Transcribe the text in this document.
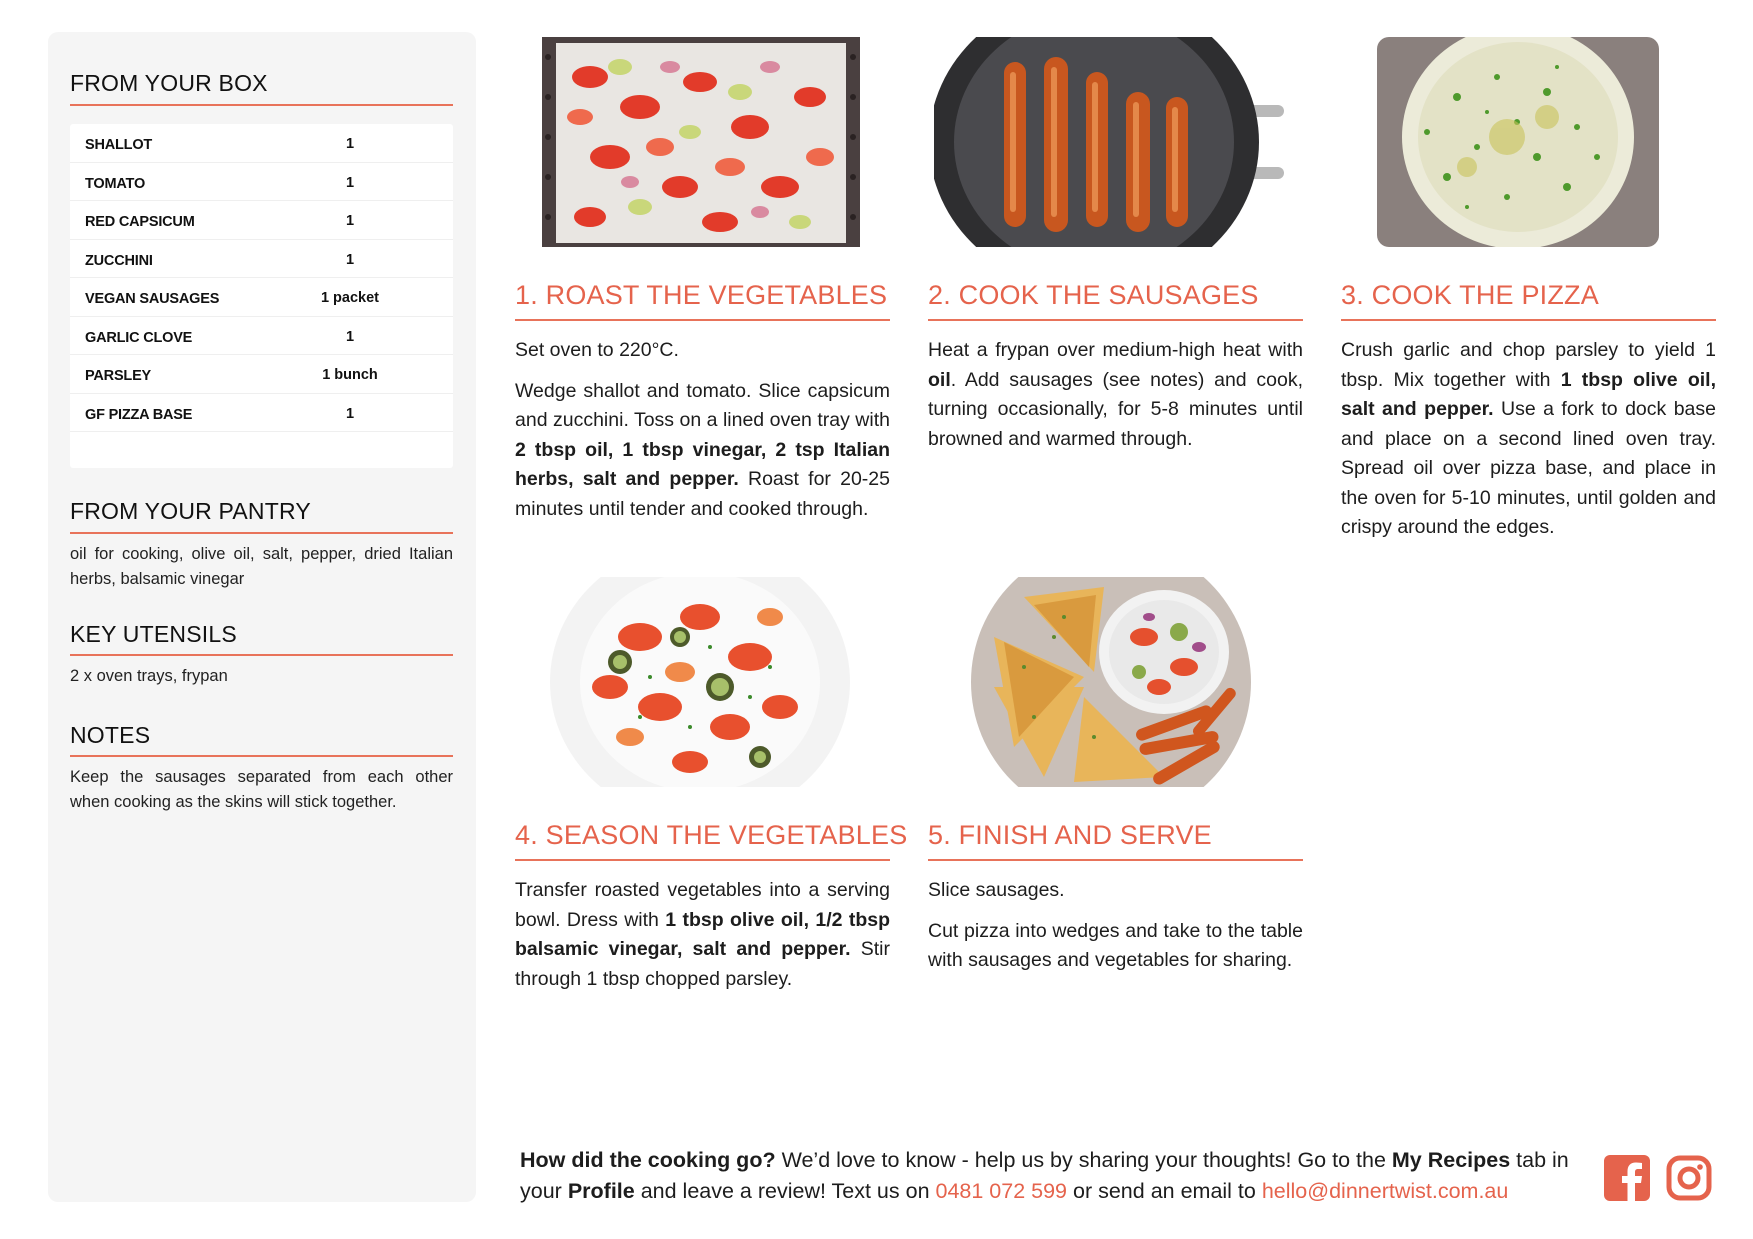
FROM YOUR BOX
SHALLOT	1
TOMATO	1
RED CAPSICUM	1
ZUCCHINI	1
VEGAN SAUSAGES	1 packet
GARLIC CLOVE	1
PARSLEY	1 bunch
GF PIZZA BASE	1
FROM YOUR PANTRY
oil for cooking, olive oil, salt, pepper, dried Italian herbs, balsamic vinegar
KEY UTENSILS
2 x oven trays, frypan
NOTES
Keep the sausages separated from each other when cooking as the skins will stick together.
1. ROAST THE VEGETABLES

Set oven to 220°C.

Wedge shallot and tomato. Slice capsicum and zucchini. Toss on a lined oven tray with 2 tbsp oil, 1 tbsp vinegar, 2 tsp Italian herbs, salt and pepper. Roast for 20-25 minutes until tender and cooked through.

2. COOK THE SAUSAGES

Heat a frypan over medium-high heat with oil. Add sausages (see notes) and cook, turning occasionally, for 5-8 minutes until browned and warmed through.

3. COOK THE PIZZA

Crush garlic and chop parsley to yield 1 tbsp. Mix together with 1 tbsp olive oil, salt and pepper. Use a fork to dock base and place on a second lined oven tray. Spread oil over pizza base, and place in the oven for 5-10 minutes, until golden and crispy around the edges.

4. SEASON THE VEGETABLES

Transfer roasted vegetables into a serving bowl. Dress with 1 tbsp olive oil, 1/2 tbsp balsamic vinegar, salt and pepper. Stir through 1 tbsp chopped parsley.

5. FINISH AND SERVE

Slice sausages.

Cut pizza into wedges and take to the table with sausages and vegetables for sharing.

How did the cooking go? We’d love to know - help us by sharing your thoughts! Go to the My Recipes tab in your Profile and leave a review! Text us on 0481 072 599 or send an email to hello@dinnertwist.com.au
